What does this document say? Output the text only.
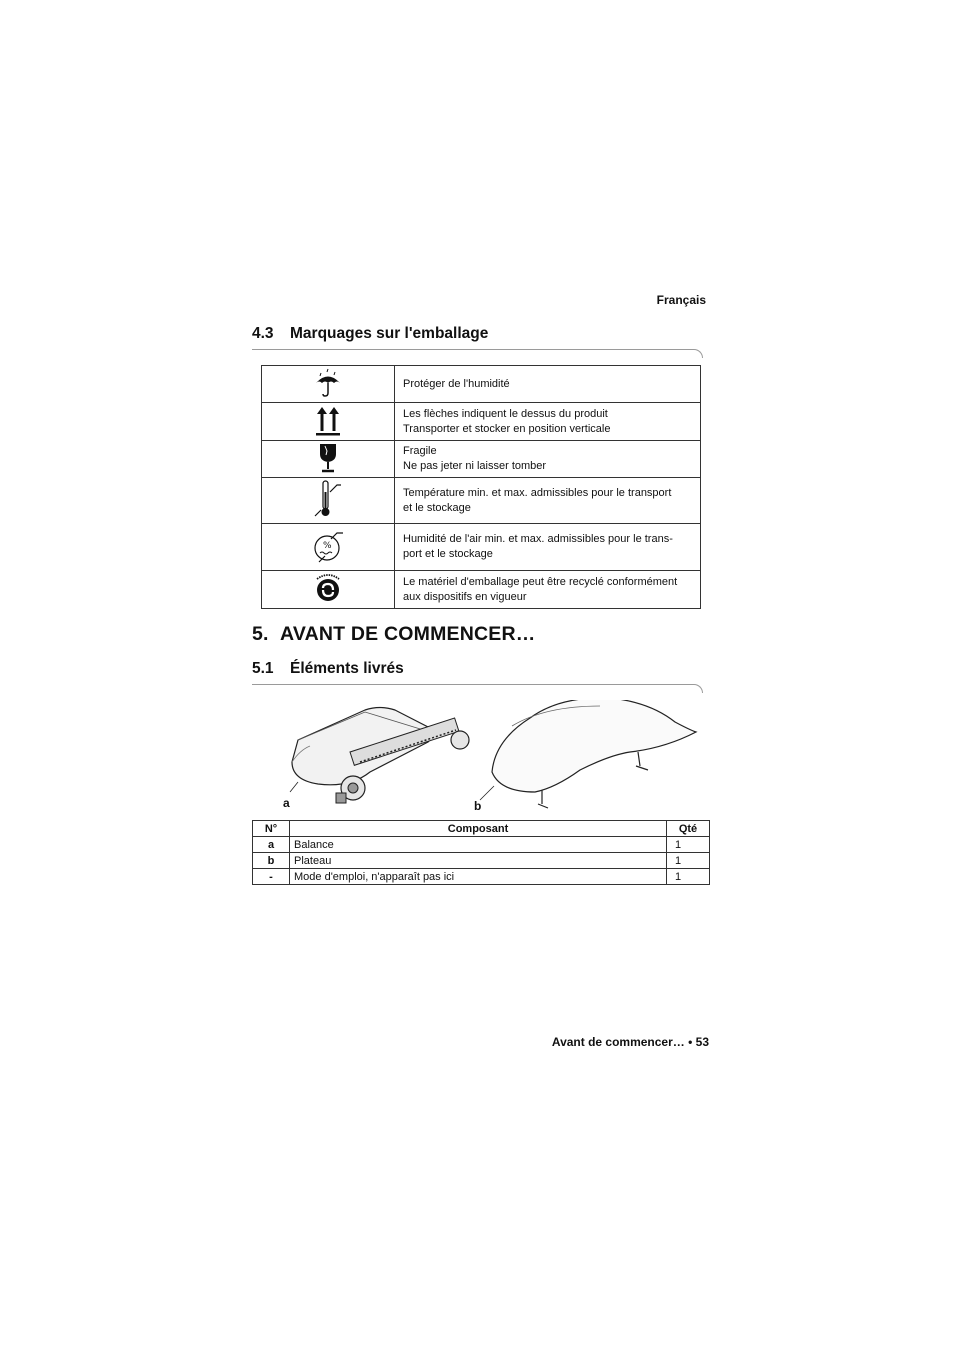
Français
4.3 Marquages sur l'emballage

Protéger de l'humidité

Les flèches indiquent le dessus du produit
Transporter et stocker en position verticale

Fragile
Ne pas jeter ni laisser tomber

Température min. et max. admissibles pour le transport
et le stockage

%	Humidité de l'air min. et max. admissibles pour le trans-
port et le stockage

Le matériel d'emballage peut être recyclé conformément
aux dispositifs en vigueur
5. AVANT DE COMMENCER…
5.1 Éléments livrés
a	b
N°	Composant	Qté
a	Balance	1
b	Plateau	1
-	Mode d'emploi, n'apparaît pas ici	1
Avant de commencer… • 53
